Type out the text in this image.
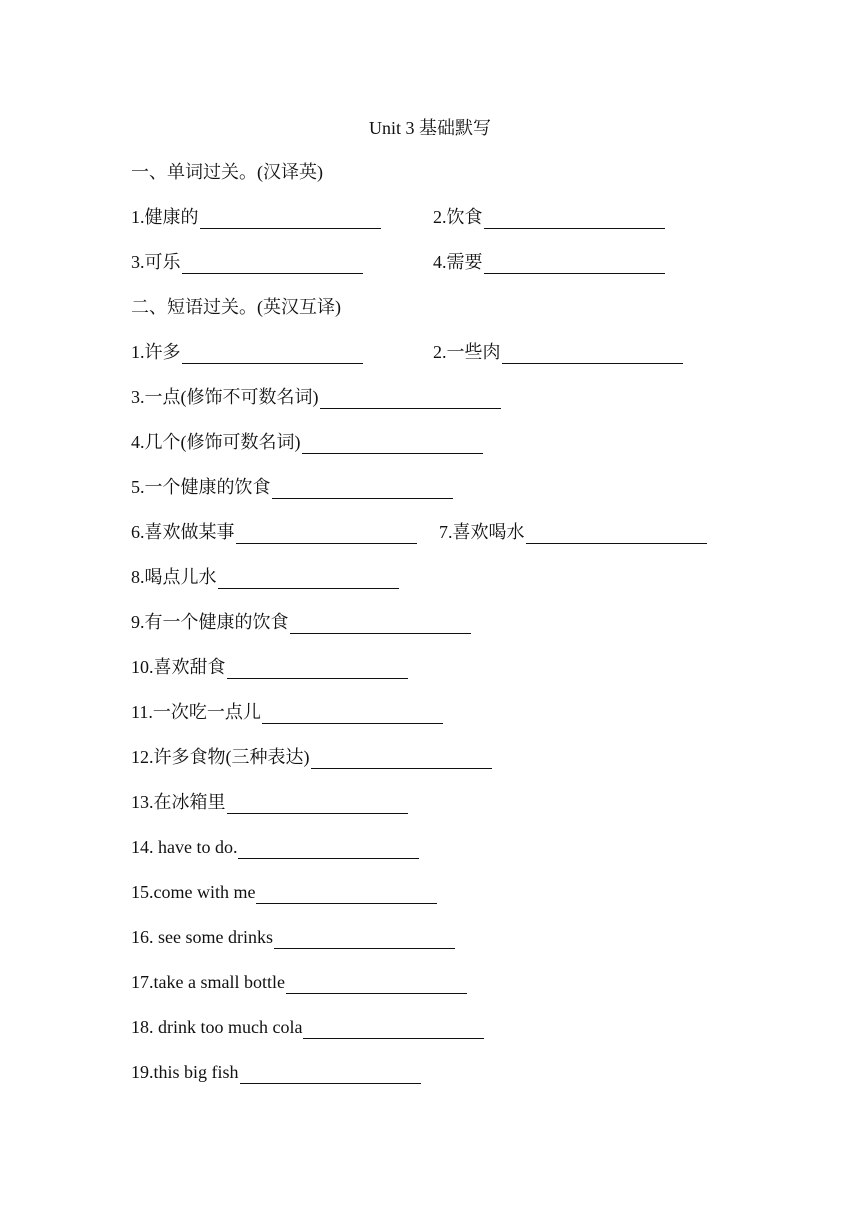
Unit 3 基础默写
一、单词过关。(汉译英)
1.健康的	2.饮食
3.可乐	4.需要
二、短语过关。(英汉互译)
1.许多	2.一些肉
3.一点(修饰不可数名词)
4.几个(修饰可数名词)
5.一个健康的饮食
6.喜欢做某事	7.喜欢喝水
8.喝点儿水
9.有一个健康的饮食
10.喜欢甜食
11.一次吃一点儿
12.许多食物(三种表达)
13.在冰箱里
14. have to do.
15.come with me
16. see some drinks
17.take a small bottle
18. drink too much cola
19.this big fish
